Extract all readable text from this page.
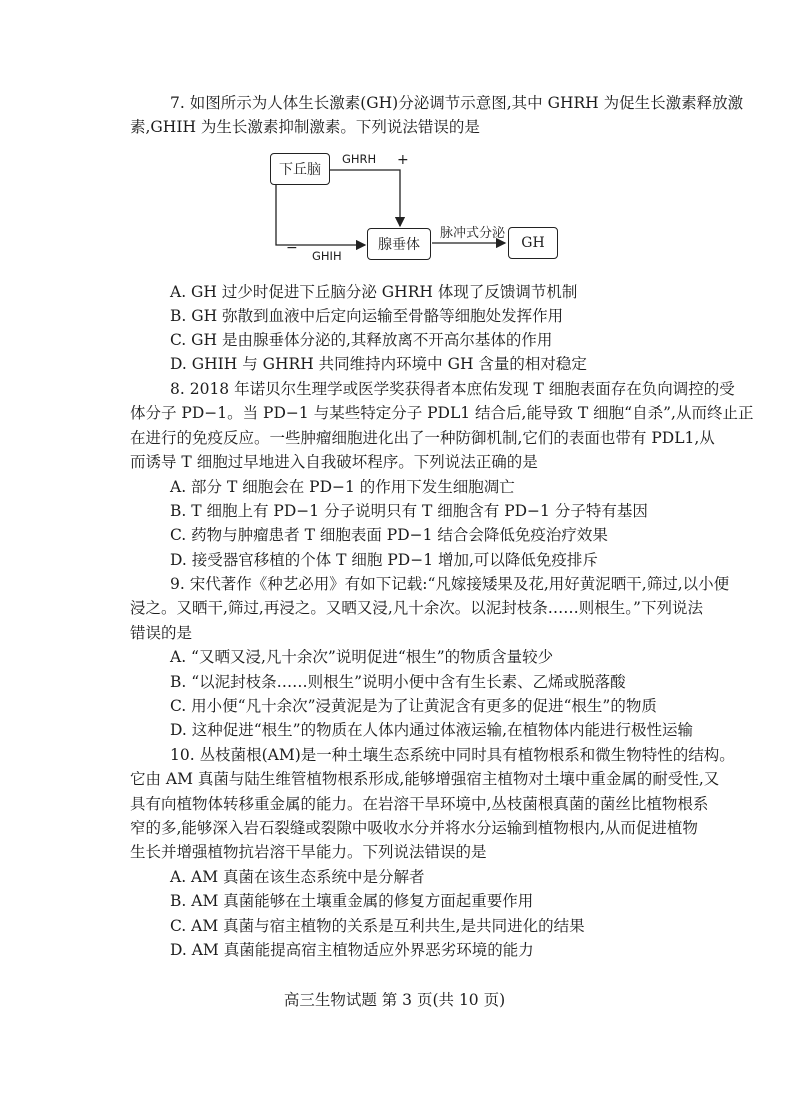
7. 如图所示为人体生长激素(GH)分泌调节示意图,其中 GHRH 为促生长激素释放激
素,GHIH 为生长激素抑制激素。下列说法错误的是
下丘脑
腺垂体	GH
GHRH +
GHIH
−
脉冲式分泌
A. GH 过少时促进下丘脑分泌 GHRH 体现了反馈调节机制
B. GH 弥散到血液中后定向运输至骨骼等细胞处发挥作用
C. GH 是由腺垂体分泌的,其释放离不开高尔基体的作用
D. GHIH 与 GHRH 共同维持内环境中 GH 含量的相对稳定
8. 2018 年诺贝尔生理学或医学奖获得者本庶佑发现 T 细胞表面存在负向调控的受
体分子 PD−1。当 PD−1 与某些特定分子 PDL1 结合后,能导致 T 细胞“自杀”,从而终止正
在进行的免疫反应。一些肿瘤细胞进化出了一种防御机制,它们的表面也带有 PDL1,从
而诱导 T 细胞过早地进入自我破坏程序。下列说法正确的是
A. 部分 T 细胞会在 PD−1 的作用下发生细胞凋亡
B. T 细胞上有 PD−1 分子说明只有 T 细胞含有 PD−1 分子特有基因
C. 药物与肿瘤患者 T 细胞表面 PD−1 结合会降低免疫治疗效果
D. 接受器官移植的个体 T 细胞 PD−1 增加,可以降低免疫排斥
9. 宋代著作《种艺必用》有如下记载:“凡嫁接矮果及花,用好黄泥晒干,筛过,以小便
浸之。又晒干,筛过,再浸之。又晒又浸,凡十余次。以泥封枝条……则根生。”下列说法
错误的是
A. “又晒又浸,凡十余次”说明促进“根生”的物质含量较少
B. “以泥封枝条……则根生”说明小便中含有生长素、乙烯或脱落酸
C. 用小便“凡十余次”浸黄泥是为了让黄泥含有更多的促进“根生”的物质
D. 这种促进“根生”的物质在人体内通过体液运输,在植物体内能进行极性运输
10. 丛枝菌根(AM)是一种土壤生态系统中同时具有植物根系和微生物特性的结构。
它由 AM 真菌与陆生维管植物根系形成,能够增强宿主植物对土壤中重金属的耐受性,又
具有向植物体转移重金属的能力。在岩溶干旱环境中,丛枝菌根真菌的菌丝比植物根系
窄的多,能够深入岩石裂缝或裂隙中吸收水分并将水分运输到植物根内,从而促进植物
生长并增强植物抗岩溶干旱能力。下列说法错误的是
A. AM 真菌在该生态系统中是分解者
B. AM 真菌能够在土壤重金属的修复方面起重要作用
C. AM 真菌与宿主植物的关系是互利共生,是共同进化的结果
D. AM 真菌能提高宿主植物适应外界恶劣环境的能力
高三生物试题 第 3 页(共 10 页)
